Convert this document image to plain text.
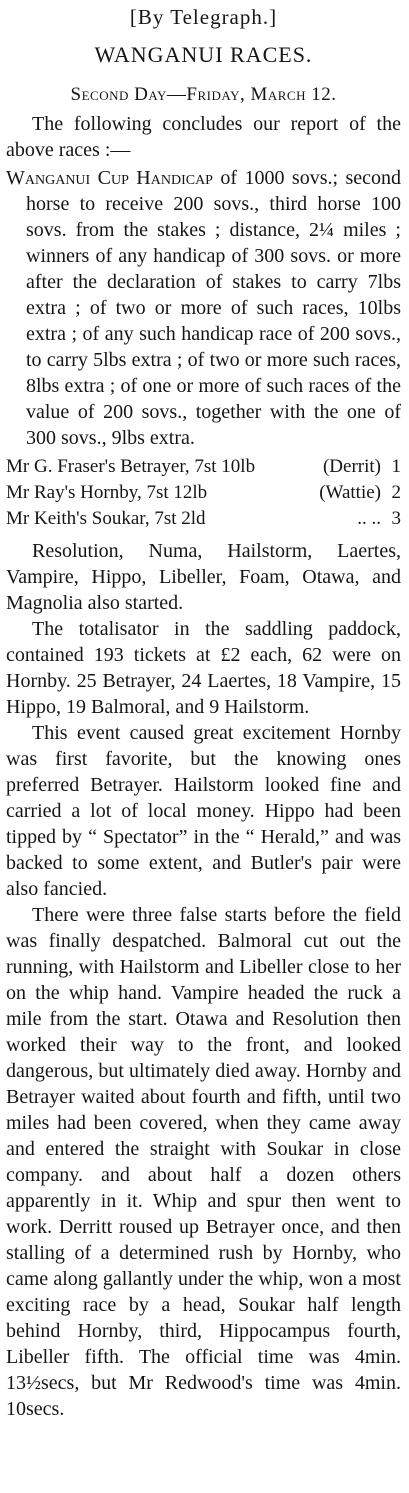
[By Telegraph.]
WANGANUI RACES.
Second Day—Friday, March 12.

The following concludes our report of the above races :—

Wanganui Cup Handicap of 1000 sovs.; second horse to receive 200 sovs., third horse 100 sovs. from the stakes ; distance, 2¼ miles ; winners of any handicap of 300 sovs. or more after the declaration of stakes to carry 7lbs extra ; of two or more of such races, 10lbs extra ; of any such handicap race of 200 sovs., to carry 5lbs extra ; of two or more such races, 8lbs extra ; of one or more of such races of the value of 200 sovs., together with the one of 300 sovs., 9lbs extra.

Mr G. Fraser's Betrayer, 7st 10lb	(Derrit) 1
Mr Ray's Hornby, 7st 12lb	(Wattie) 2
Mr Keith's Soukar, 7st 2ld	.. .. 3

Resolution, Numa, Hailstorm, Laertes, Vampire, Hippo, Libeller, Foam, Otawa, and Magnolia also started.

The totalisator in the saddling paddock, contained 193 tickets at £2 each, 62 were on Hornby. 25 Betrayer, 24 Laertes, 18 Vampire, 15 Hippo, 19 Balmoral, and 9 Hailstorm.

This event caused great excitement Hornby was first favorite, but the knowing ones preferred Betrayer. Hailstorm looked fine and carried a lot of local money. Hippo had been tipped by “ Spectator” in the “ Herald,” and was backed to some extent, and Butler's pair were also fancied.

There were three false starts before the field was finally despatched. Balmoral cut out the running, with Hailstorm and Libeller close to her on the whip hand. Vampire headed the ruck a mile from the start. Otawa and Resolution then worked their way to the front, and looked dangerous, but ultimately died away. Hornby and Betrayer waited about fourth and fifth, until two miles had been covered, when they came away and entered the straight with Soukar in close company. and about half a dozen others apparently in it. Whip and spur then went to work. Derritt roused up Betrayer once, and then stalling of a determined rush by Hornby, who came along gallantly under the whip, won a most exciting race by a head, Soukar half length behind Hornby, third, Hippocampus fourth, Libeller fifth. The official time was 4min. 13½secs, but Mr Redwood's time was 4min. 10secs.
